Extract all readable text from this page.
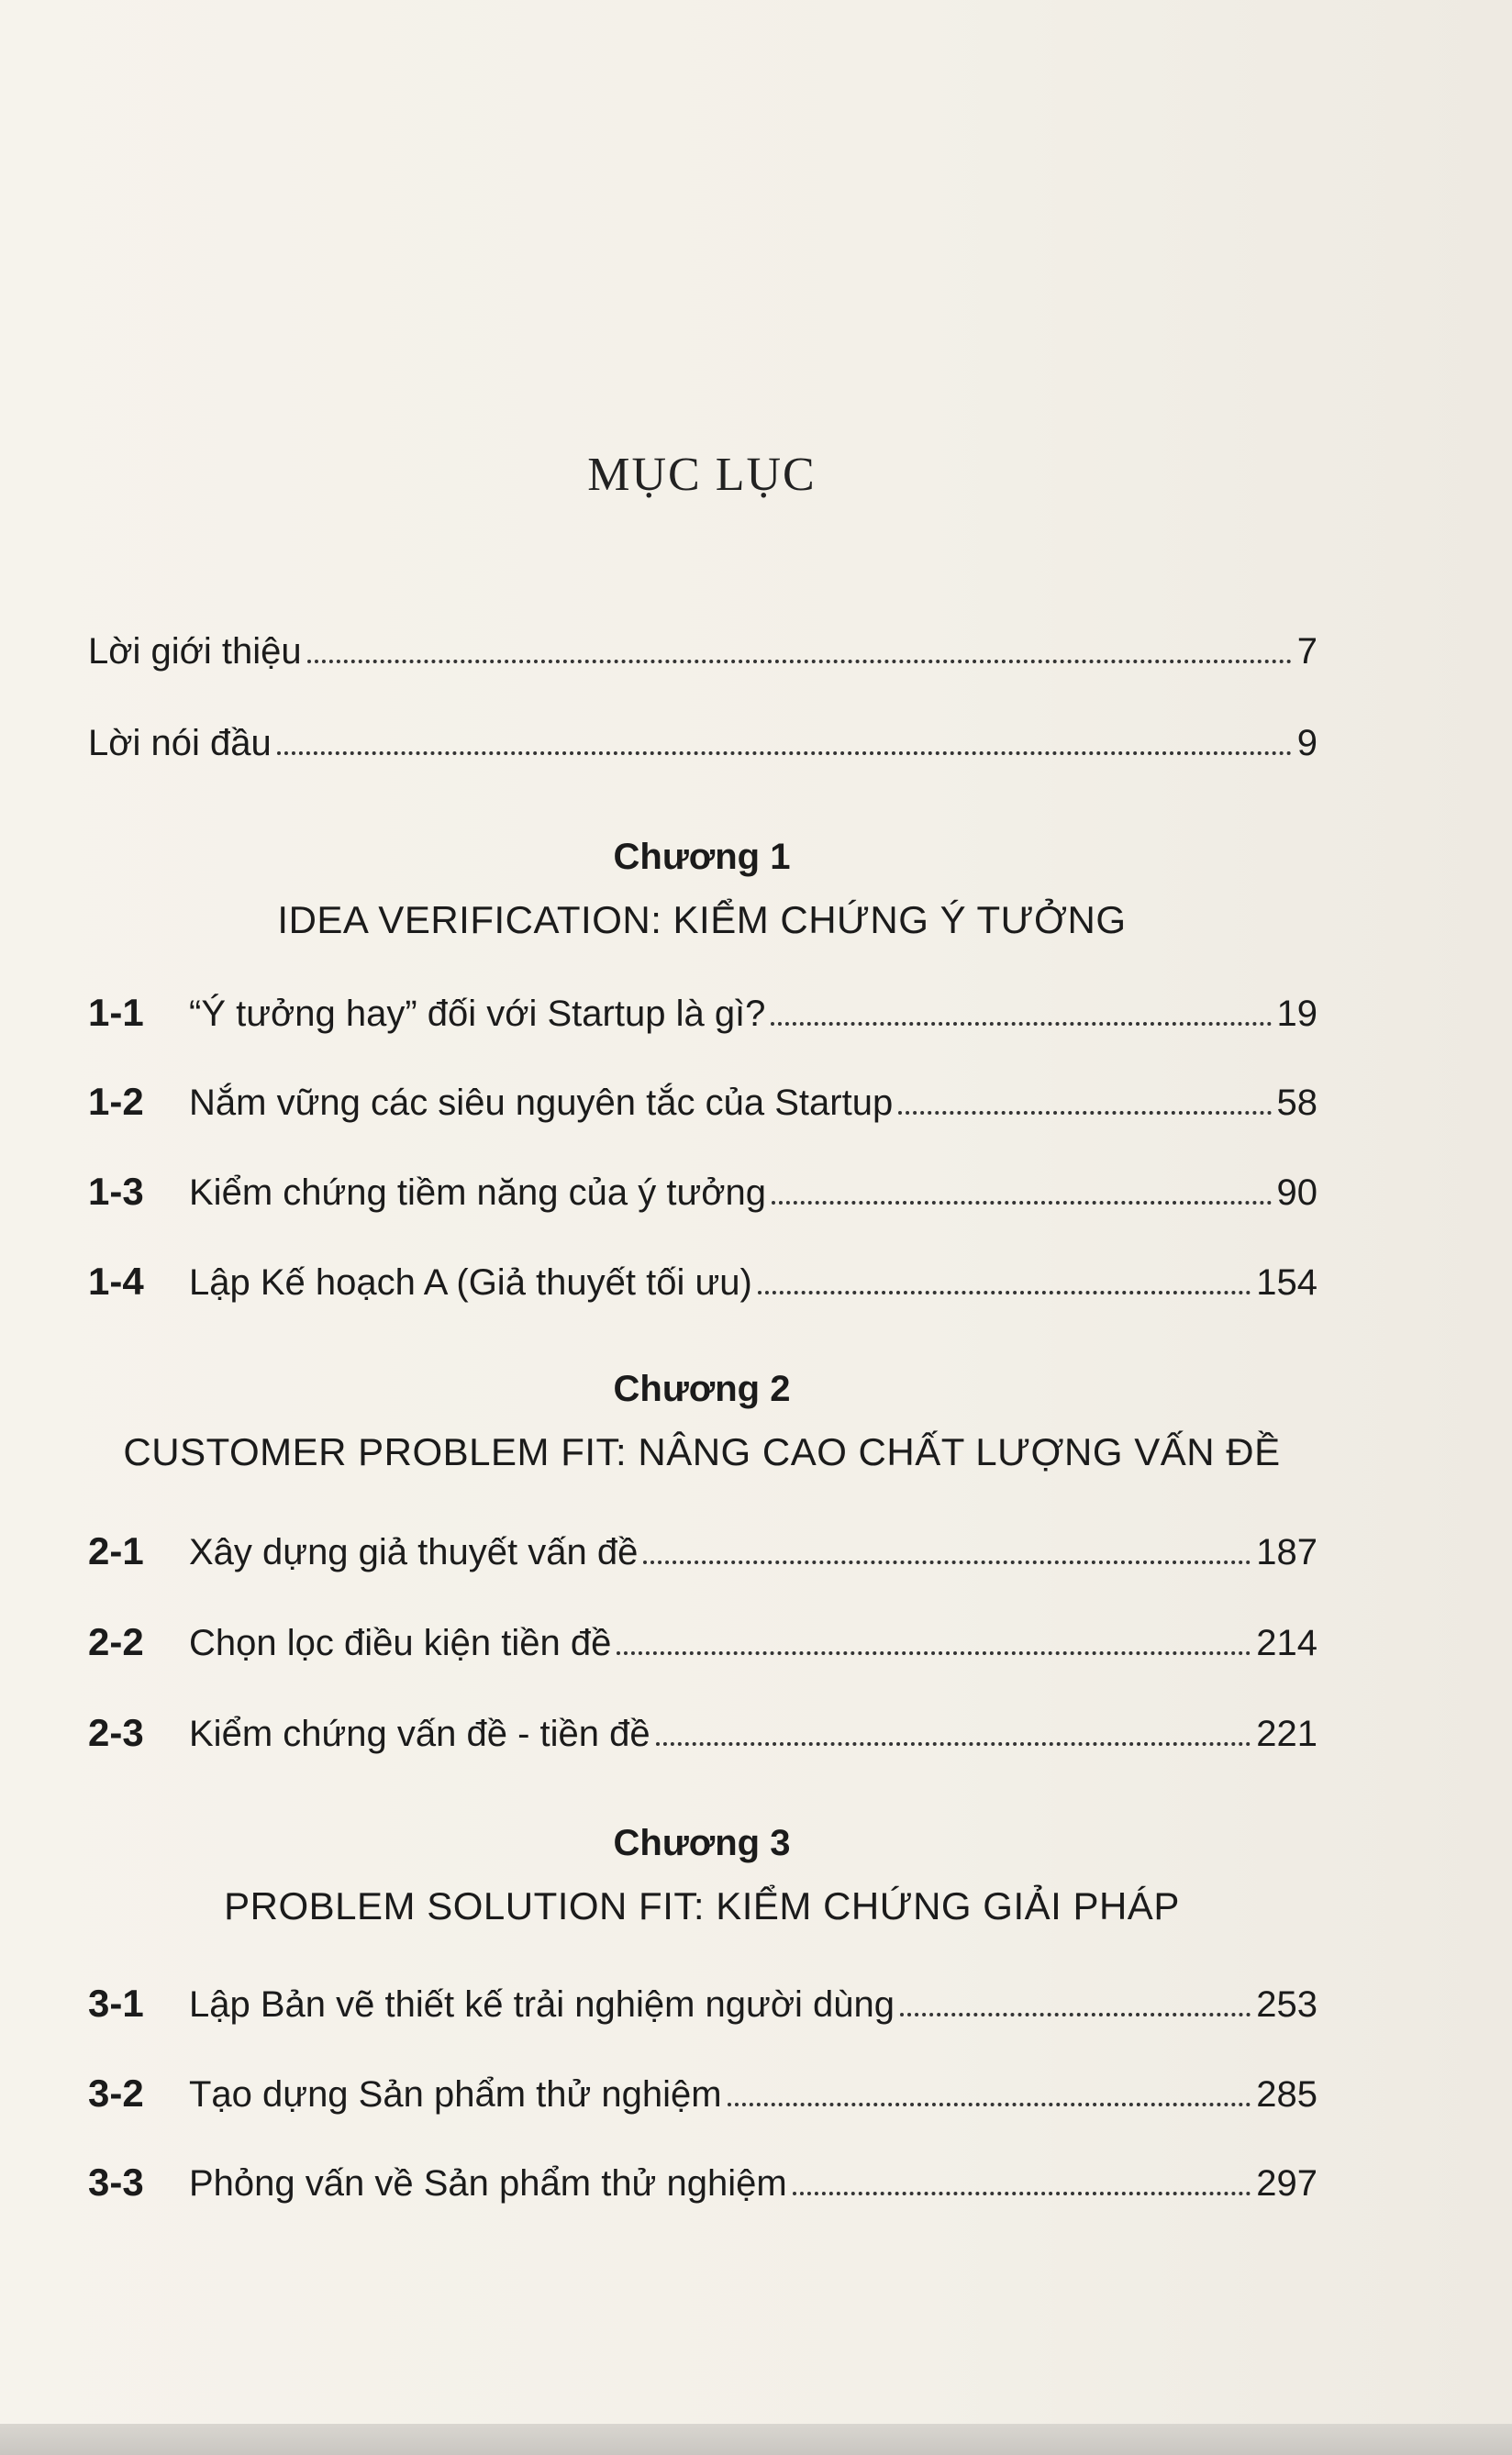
MỤC LỤC
Lời giới thiệu	7
Lời nói đầu	9
Chương 1
IDEA VERIFICATION: KIỂM CHỨNG Ý TƯỞNG
1-1	“Ý tưởng hay” đối với Startup là gì?	19
1-2	Nắm vững các siêu nguyên tắc của Startup	58
1-3	Kiểm chứng tiềm năng của ý tưởng	90
1-4	Lập Kế hoạch A (Giả thuyết tối ưu)	154
Chương 2
CUSTOMER PROBLEM FIT: NÂNG CAO CHẤT LƯỢNG VẤN ĐỀ
2-1	Xây dựng giả thuyết vấn đề	187
2-2	Chọn lọc điều kiện tiền đề	214
2-3	Kiểm chứng vấn đề - tiền đề	221
Chương 3
PROBLEM SOLUTION FIT: KIỂM CHỨNG GIẢI PHÁP
3-1	Lập Bản vẽ thiết kế trải nghiệm người dùng	253
3-2	Tạo dựng Sản phẩm thử nghiệm	285
3-3	Phỏng vấn về Sản phẩm thử nghiệm	297
